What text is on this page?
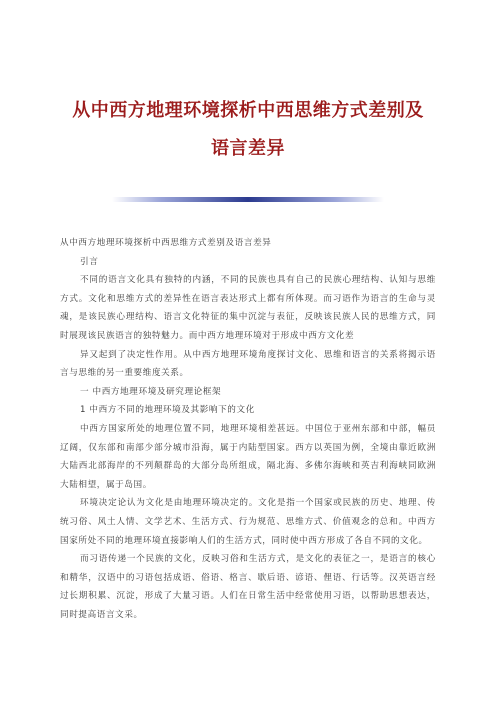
从中西方地理环境探析中西思维方式差别及
语言差异

从中西方地理环境探析中西思维方式差别及语言差异

引言

不同的语言文化具有独特的内涵，不同的民族也具有自己的民族心理结构、认知与思维方式。文化和思维方式的差异性在语言表达形式上都有所体现。而习语作为语言的生命与灵魂，是该民族心理结构、语言文化特征的集中沉淀与表征，反映该民族人民的思维方式，同时展现该民族语言的独特魅力。而中西方地理环境对于形成中西方文化差

异又起到了决定性作用。从中西方地理环境角度探讨文化、思维和语言的关系将揭示语言与思维的另一重要维度关系。

一 中西方地理环境及研究理论框架

1 中西方不同的地理环境及其影响下的文化

中西方国家所处的地理位置不同，地理环境相差甚远。中国位于亚州东部和中部，幅员辽阔，仅东部和南部少部分城市沿海，属于内陆型国家。西方以英国为例，全境由靠近欧洲大陆西北部海岸的不列颠群岛的大部分岛所组成，隔北海、多佛尔海峡和英吉利海峡同欧洲大陆相望，属于岛国。

环境决定论认为文化是由地理环境决定的。文化是指一个国家或民族的历史、地理、传统习俗、风土人情、文学艺术、生活方式、行为规范、思维方式、价值观念的总和。中西方国家所处不同的地理环境直接影响人们的生活方式，同时使中西方形成了各自不同的文化。

而习语传递一个民族的文化，反映习俗和生活方式，是文化的表征之一，是语言的核心和精华，汉语中的习语包括成语、俗语、格言、歇后语、谚语、俚语、行话等。汉英语言经过长期积累、沉淀，形成了大量习语。人们在日常生活中经常使用习语，以帮助思想表达，同时提高语言文采。
